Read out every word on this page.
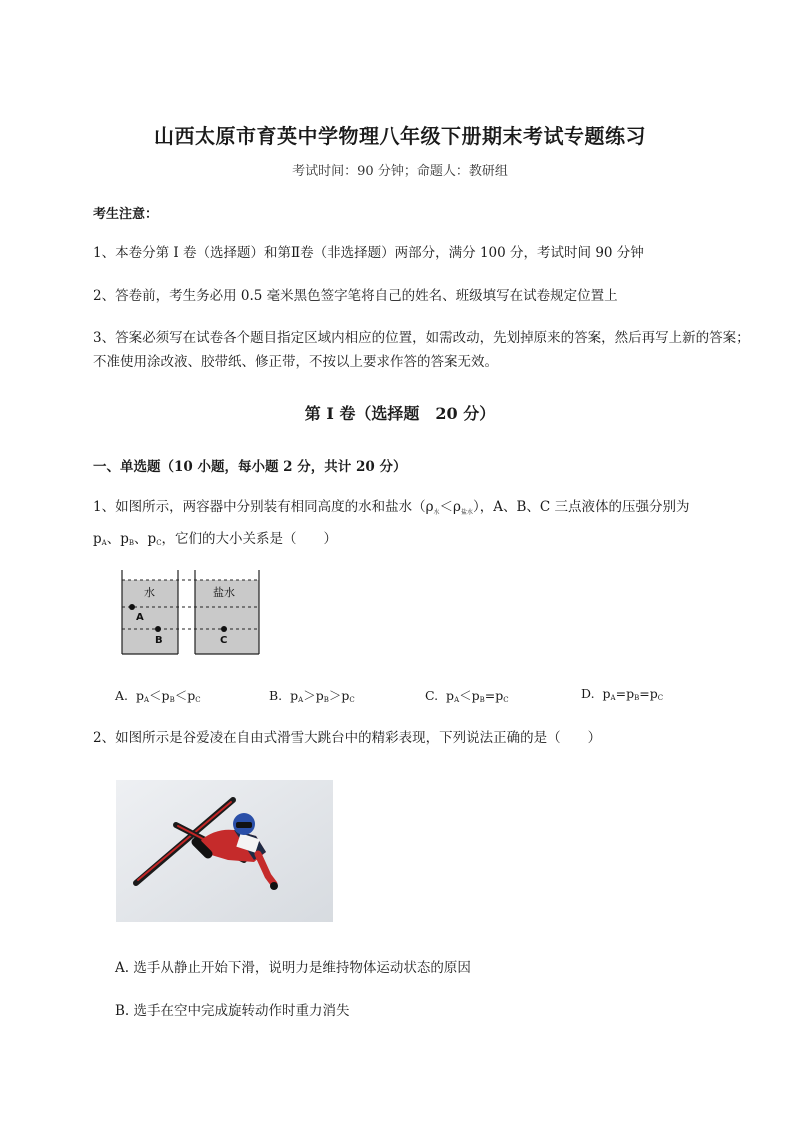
山西太原市育英中学物理八年级下册期末考试专题练习
考试时间：90 分钟；命题人：教研组
考生注意：
1、本卷分第 I 卷（选择题）和第Ⅱ卷（非选择题）两部分，满分 100 分，考试时间 90 分钟
2、答卷前，考生务必用 0.5 毫米黑色签字笔将自己的姓名、班级填写在试卷规定位置上
3、答案必须写在试卷各个题目指定区域内相应的位置，如需改动，先划掉原来的答案，然后再写上新的答案；不准使用涂改液、胶带纸、修正带，不按以上要求作答的答案无效。
第 I 卷（选择题　20 分）
一、单选题（10 小题，每小题 2 分，共计 20 分）
1、如图所示，两容器中分别装有相同高度的水和盐水$(\rho_水<\rho_{盐水})$，A、B、C 三点液体的压强分别为
$p_A$、$p_B$、$p_C$，它们的大小关系是（　　）
水	盐水
A
B	C
A. $p_A<p_B<p_C$	B. $p_A>p_B>p_C$	C. $p_A<p_B=p_C$	D. $p_A=p_B=p_C$
2、如图所示是谷爱凌在自由式滑雪大跳台中的精彩表现，下列说法正确的是（　　）
A. 选手从静止开始下滑，说明力是维持物体运动状态的原因
B. 选手在空中完成旋转动作时重力消失
